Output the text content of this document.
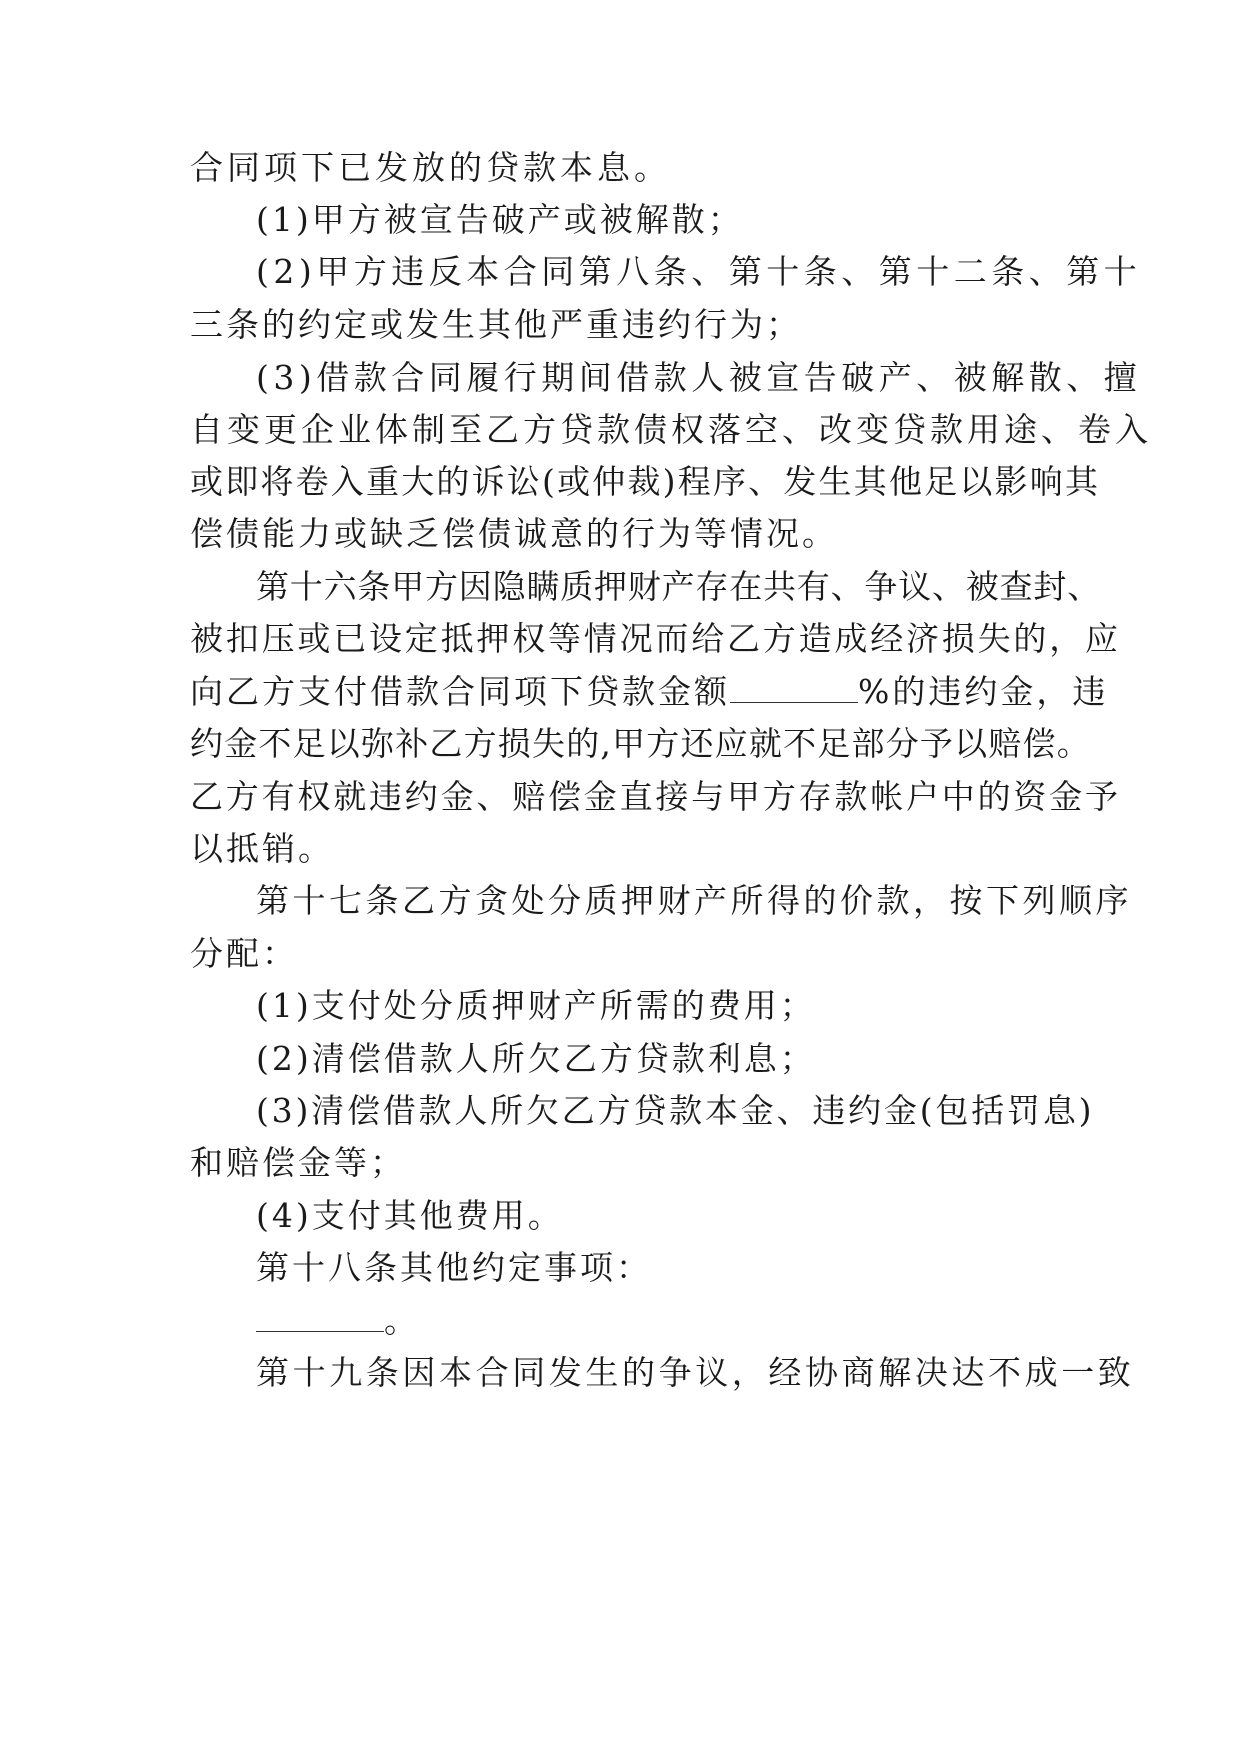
合同项下已发放的贷款本息。
(1)甲方被宣告破产或被解散；
(2)甲方违反本合同第八条、第十条、第十二条、第十
三条的约定或发生其他严重违约行为；
(3)借款合同履行期间借款人被宣告破产、被解散、擅
自变更企业体制至乙方贷款债权落空、改变贷款用途、卷入
或即将卷入重大的诉讼(或仲裁)程序、发生其他足以影响其
偿债能力或缺乏偿债诚意的行为等情况。
第十六条甲方因隐瞒质押财产存在共有、争议、被查封、
被扣压或已设定抵押权等情况而给乙方造成经济损失的，应
向乙方支付借款合同项下贷款金额	%的违约金，违
约金不足以弥补乙方损失的,甲方还应就不足部分予以赔偿。
乙方有权就违约金、赔偿金直接与甲方存款帐户中的资金予
以抵销。
第十七条乙方贪处分质押财产所得的价款，按下列顺序
分配：
(1)支付处分质押财产所需的费用；
(2)清偿借款人所欠乙方贷款利息；
(3)清偿借款人所欠乙方贷款本金、违约金(包括罚息)
和赔偿金等；
(4)支付其他费用。
第十八条其他约定事项：
。
第十九条因本合同发生的争议，经协商解决达不成一致
